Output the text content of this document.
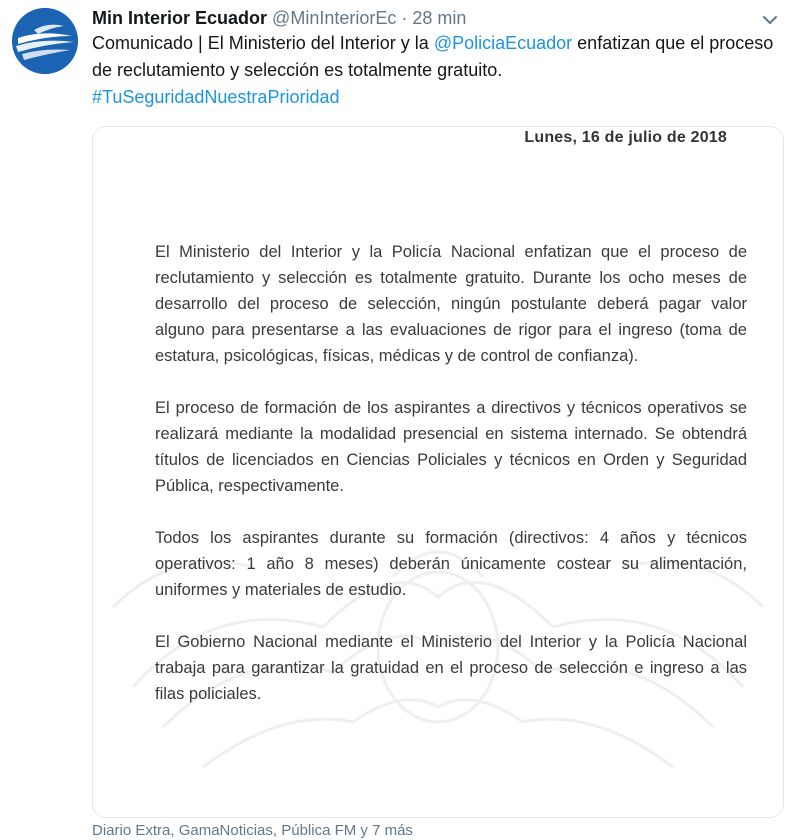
Min Interior Ecuador @MinInteriorEc · 28 min
Comunicado | El Ministerio del Interior y la @PoliciaEcuador enfatizan que el proceso de reclutamiento y selección es totalmente gratuito.
#TuSeguridadNuestraPrioridad
Lunes, 16 de julio de 2018

El Ministerio del Interior y la Policía Nacional enfatizan que el proceso de reclutamiento y selección es totalmente gratuito. Durante los ocho meses de desarrollo del proceso de selección, ningún postulante deberá pagar valor alguno para presentarse a las evaluaciones de rigor para el ingreso (toma de estatura, psicológicas, físicas, médicas y de control de confianza).

El proceso de formación de los aspirantes a directivos y técnicos operativos se realizará mediante la modalidad presencial en sistema internado. Se obtendrá títulos de licenciados en Ciencias Policiales y técnicos en Orden y Seguridad Pública, respectivamente.

Todos los aspirantes durante su formación (directivos: 4 años y técnicos operativos: 1 año 8 meses) deberán únicamente costear su alimentación, uniformes y materiales de estudio.

El Gobierno Nacional mediante el Ministerio del Interior y la Policía Nacional trabaja para garantizar la gratuidad en el proceso de selección e ingreso a las filas policiales.

Diario Extra, GamaNoticias, Pública FM y 7 más
